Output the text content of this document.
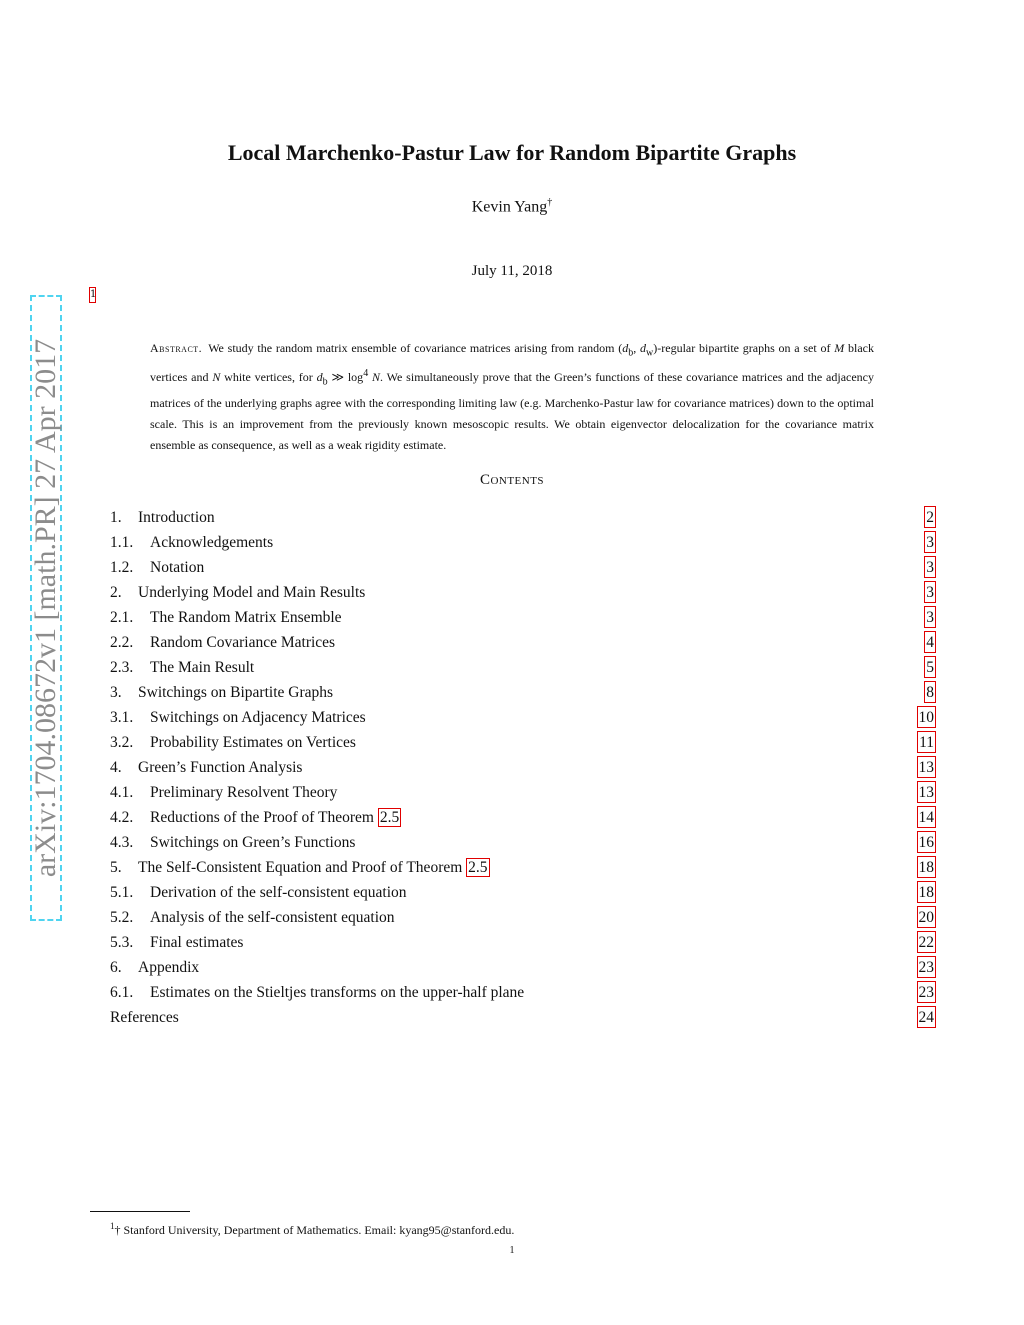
Local Marchenko-Pastur Law for Random Bipartite Graphs
Kevin Yang†
July 11, 2018
1
arXiv:1704.08672v1 [math.PR] 27 Apr 2017	Abstract. We study the random matrix ensemble of covariance matrices arising from random ($d_b$, $d_w$)-regular bipartite graphs on a set of M black vertices and N white vertices, for $d_b$ ≫ $\log^4 N$. We simultaneously prove that the Green’s functions of these covariance matrices and the adjacency matrices of the underlying graphs agree with the corresponding limiting law (e.g. Marchenko-Pastur law for covariance matrices) down to the optimal scale. This is an improvement from the previously known mesoscopic results. We obtain eigenvector delocalization for the covariance matrix ensemble as consequence, as well as a weak rigidity estimate.
Contents
1. Introduction	2
1.1. Acknowledgements	3
1.2. Notation	3
2. Underlying Model and Main Results	3
2.1. The Random Matrix Ensemble	3
2.2. Random Covariance Matrices	4
2.3. The Main Result	5
3. Switchings on Bipartite Graphs	8
3.1. Switchings on Adjacency Matrices	10
3.2. Probability Estimates on Vertices	11
4. Green’s Function Analysis	13
4.1. Preliminary Resolvent Theory	13
4.2. Reductions of the Proof of Theorem 2.5	14
4.3. Switchings on Green’s Functions	16
5. The Self-Consistent Equation and Proof of Theorem 2.5	18
5.1. Derivation of the self-consistent equation	18
5.2. Analysis of the self-consistent equation	20
5.3. Final estimates	22
6. Appendix	23
6.1. Estimates on the Stieltjes transforms on the upper-half plane	23
References	24
$^1$† Stanford University, Department of Mathematics. Email: kyang95@stanford.edu.
1
